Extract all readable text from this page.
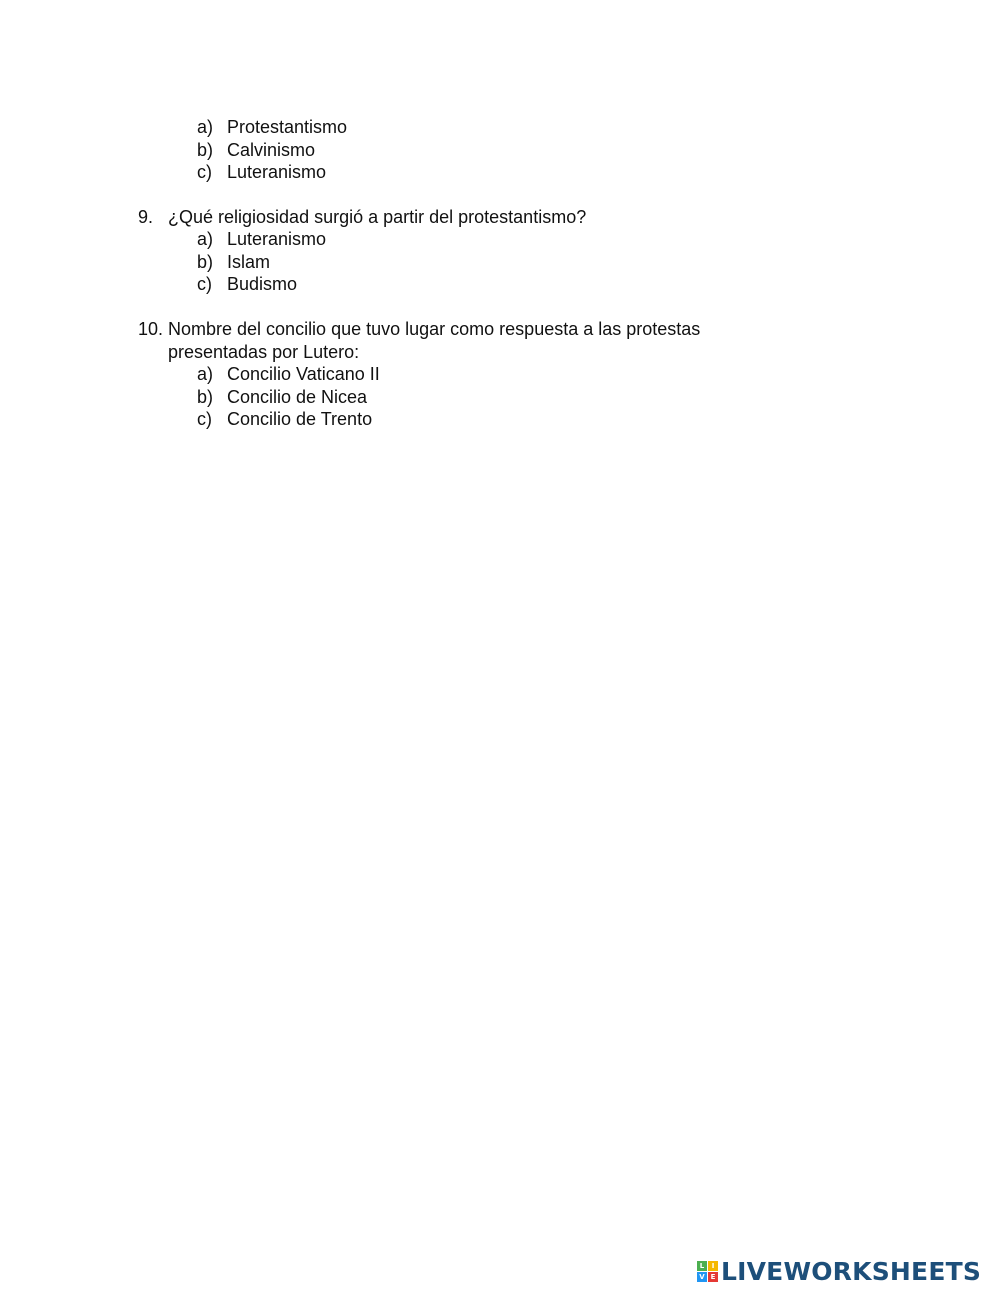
a) Protestantismo
b) Calvinismo
c) Luteranismo
9. ¿Qué religiosidad surgió a partir del protestantismo?
a) Luteranismo
b) Islam
c) Budismo
10. Nombre del concilio que tuvo lugar como respuesta a las protestas
presentadas por Lutero:
a) Concilio Vaticano II
b) Concilio de Nicea
c) Concilio de Trento
L	I
V E LIVEWORKSHEETS
